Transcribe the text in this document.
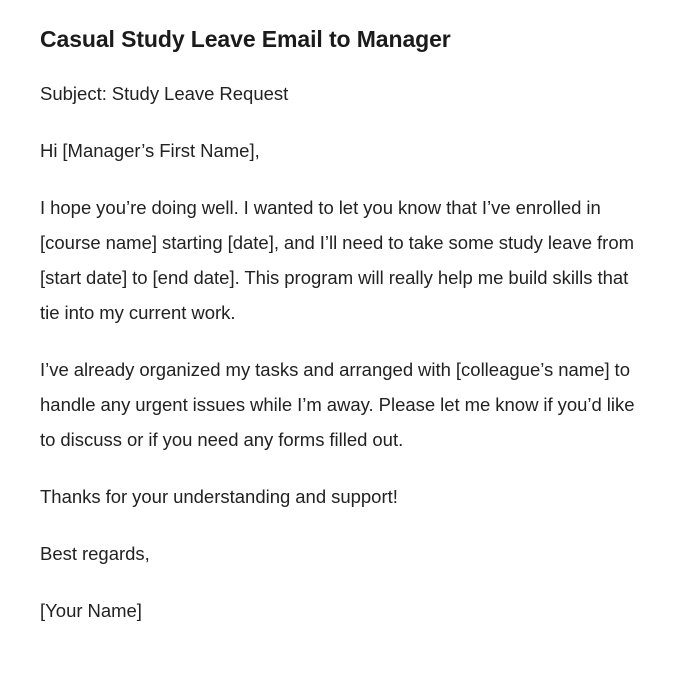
Casual Study Leave Email to Manager

Subject: Study Leave Request

Hi [Manager’s First Name],

I hope you’re doing well. I wanted to let you know that I’ve enrolled in [course name] starting [date], and I’ll need to take some study leave from [start date] to [end date]. This program will really help me build skills that tie into my current work.

I’ve already organized my tasks and arranged with [colleague’s name] to handle any urgent issues while I’m away. Please let me know if you’d like to discuss or if you need any forms filled out.

Thanks for your understanding and support!

Best regards,

[Your Name]
